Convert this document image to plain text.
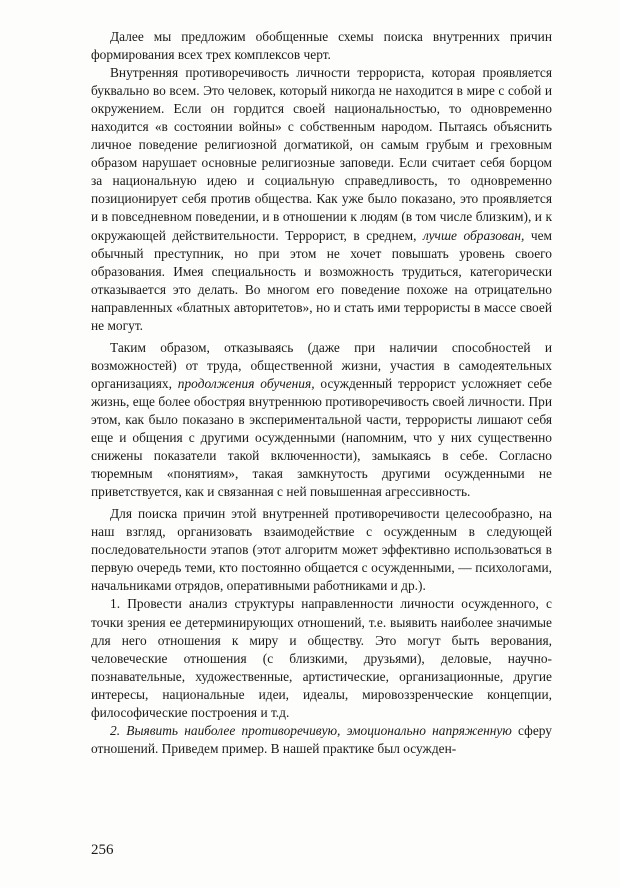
Далее мы предложим обобщенные схемы поиска внутренних причин формирования всех трех комплексов черт.

Внутренняя противоречивость личности террориста, которая проявляется буквально во всем. Это человек, который никогда не находится в мире с собой и окружением. Если он гордится своей национальностью, то одновременно находится «в состоянии войны» с собственным народом. Пытаясь объяснить личное поведение религиозной догматикой, он самым грубым и греховным образом нарушает основные религиозные заповеди. Если считает себя борцом за национальную идею и социальную справедливость, то одновременно позиционирует себя против общества. Как уже было показано, это проявляется и в повседневном поведении, и в отношении к людям (в том числе близким), и к окружающей действительности. Террорист, в среднем, лучше образован, чем обычный преступник, но при этом не хочет повышать уровень своего образования. Имея специальность и возможность трудиться, категорически отказывается это делать. Во многом его поведение похоже на отрицательно направленных «блатных авторитетов», но и стать ими террористы в массе своей не могут.

Таким образом, отказываясь (даже при наличии способностей и возможностей) от труда, общественной жизни, участия в самодеятельных организациях, продолжения обучения, осужденный террорист усложняет себе жизнь, еще более обостряя внутреннюю противоречивость своей личности. При этом, как было показано в экспериментальной части, террористы лишают себя еще и общения с другими осужденными (напомним, что у них существенно снижены показатели такой включенности), замыкаясь в себе. Согласно тюремным «понятиям», такая замкнутость другими осужденными не приветствуется, как и связанная с ней повышенная агрессивность.

Для поиска причин этой внутренней противоречивости целесообразно, на наш взгляд, организовать взаимодействие с осужденным в следующей последовательности этапов (этот алгоритм может эффективно использоваться в первую очередь теми, кто постоянно общается с осужденными, — психологами, начальниками отрядов, оперативными работниками и др.).

1. Провести анализ структуры направленности личности осужденного, с точки зрения ее детерминирующих отношений, т.е. выявить наиболее значимые для него отношения к миру и обществу. Это могут быть верования, человеческие отношения (с близкими, друзьями), деловые, научно-познавательные, художественные, артистические, организационные, другие интересы, национальные идеи, идеалы, мировоззренческие концепции, философические построения и т.д.

2. Выявить наиболее противоречивую, эмоционально напряженную сферу отношений. Приведем пример. В нашей практике был осужден-

256
